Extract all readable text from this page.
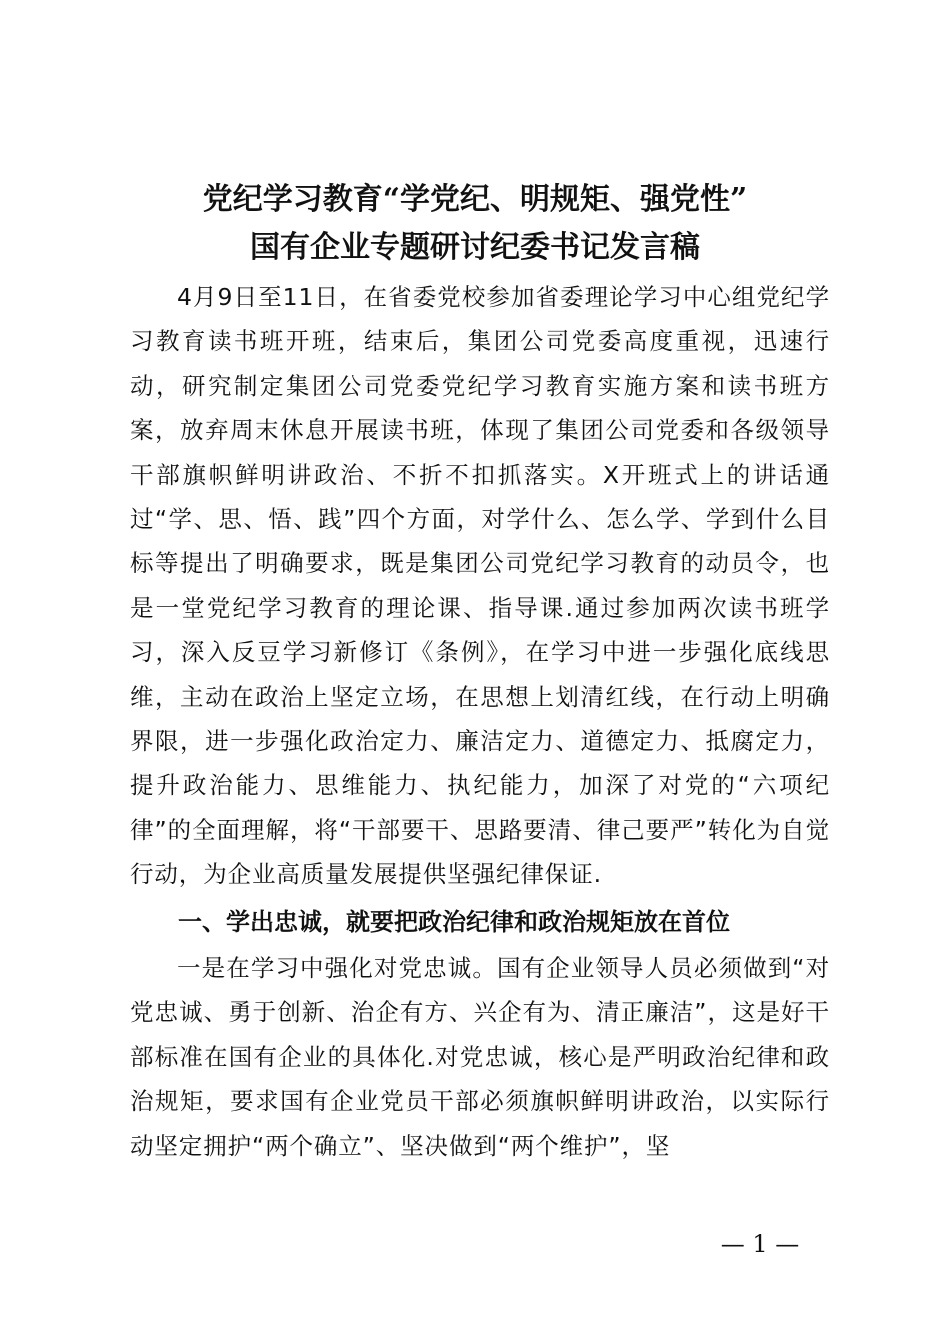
党纪学习教育“学党纪、明规矩、强党性”
国有企业专题研讨纪委书记发言稿

4月9日至11日，在省委党校参加省委理论学习中心组党纪学习教育读书班开班，结束后，集团公司党委高度重视，迅速行动，研究制定集团公司党委党纪学习教育实施方案和读书班方案，放弃周末休息开展读书班，体现了集团公司党委和各级领导干部旗帜鲜明讲政治、不折不扣抓落实。X开班式上的讲话通过“学、思、悟、践”四个方面，对学什么、怎么学、学到什么目标等提出了明确要求，既是集团公司党纪学习教育的动员令，也是一堂党纪学习教育的理论课、指导课.通过参加两次读书班学习，深入反豆学习新修订《条例》，在学习中进一步强化底线思维，主动在政治上坚定立场，在思想上划清红线，在行动上明确界限，进一步强化政治定力、廉洁定力、道德定力、抵腐定力，提升政治能力、思维能力、执纪能力，加深了对党的“六项纪律”的全面理解，将“干部要干、思路要清、律己要严”转化为自觉行动，为企业高质量发展提供坚强纪律保证.

一、学出忠诚，就要把政治纪律和政治规矩放在首位

一是在学习中强化对党忠诚。国有企业领导人员必须做到“对党忠诚、勇于创新、治企有方、兴企有为、清正廉洁”，这是好干部标准在国有企业的具体化.对党忠诚，核心是严明政治纪律和政治规矩，要求国有企业党员干部必须旗帜鲜明讲政治，以实际行动坚定拥护“两个确立”、坚决做到“两个维护”，坚

— 1 —
